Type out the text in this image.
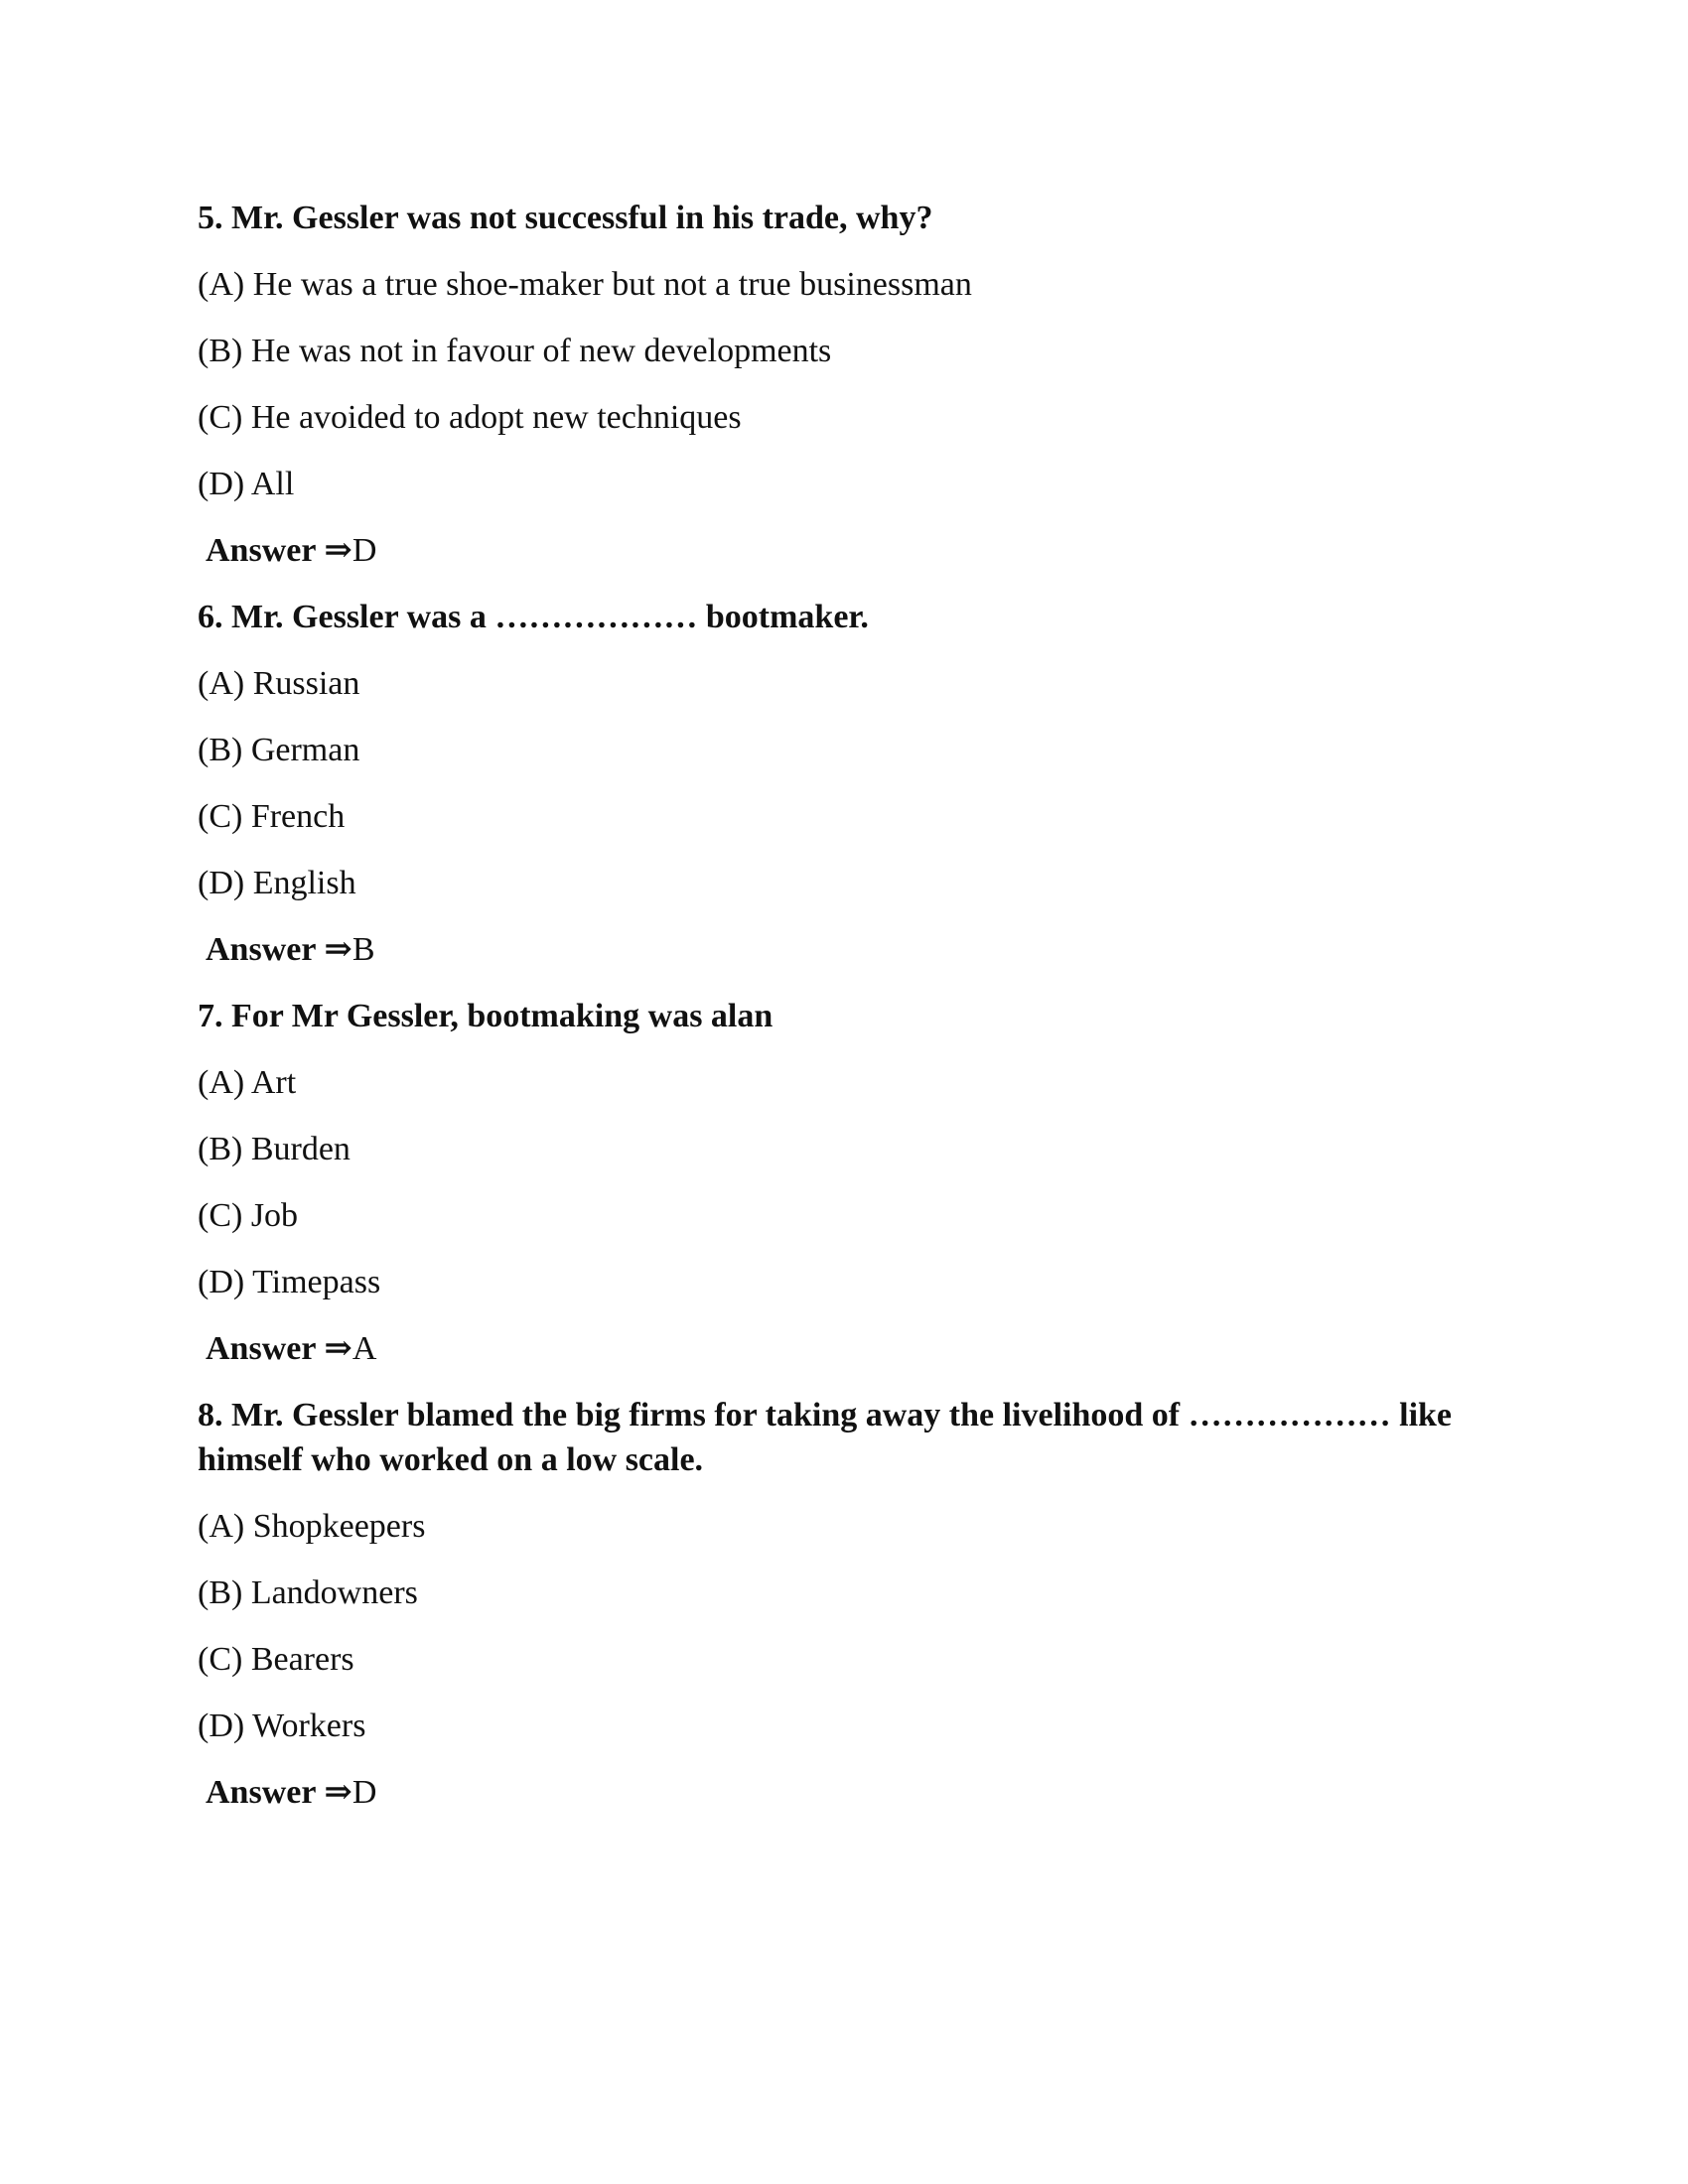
5. Mr. Gessler was not successful in his trade, why?
(A) He was a true shoe-maker but not a true businessman
(B) He was not in favour of new developments
(C) He avoided to adopt new techniques
(D) All
Answer ⇒D
6. Mr. Gessler was a ……………… bootmaker.
(A) Russian
(B) German
(C) French
(D) English
Answer ⇒B
7. For Mr Gessler, bootmaking was alan
(A) Art
(B) Burden
(C) Job
(D) Timepass
Answer ⇒A
8. Mr. Gessler blamed the big firms for taking away the livelihood of ……………… like himself who worked on a low scale.
(A) Shopkeepers
(B) Landowners
(C) Bearers
(D) Workers
Answer ⇒D
